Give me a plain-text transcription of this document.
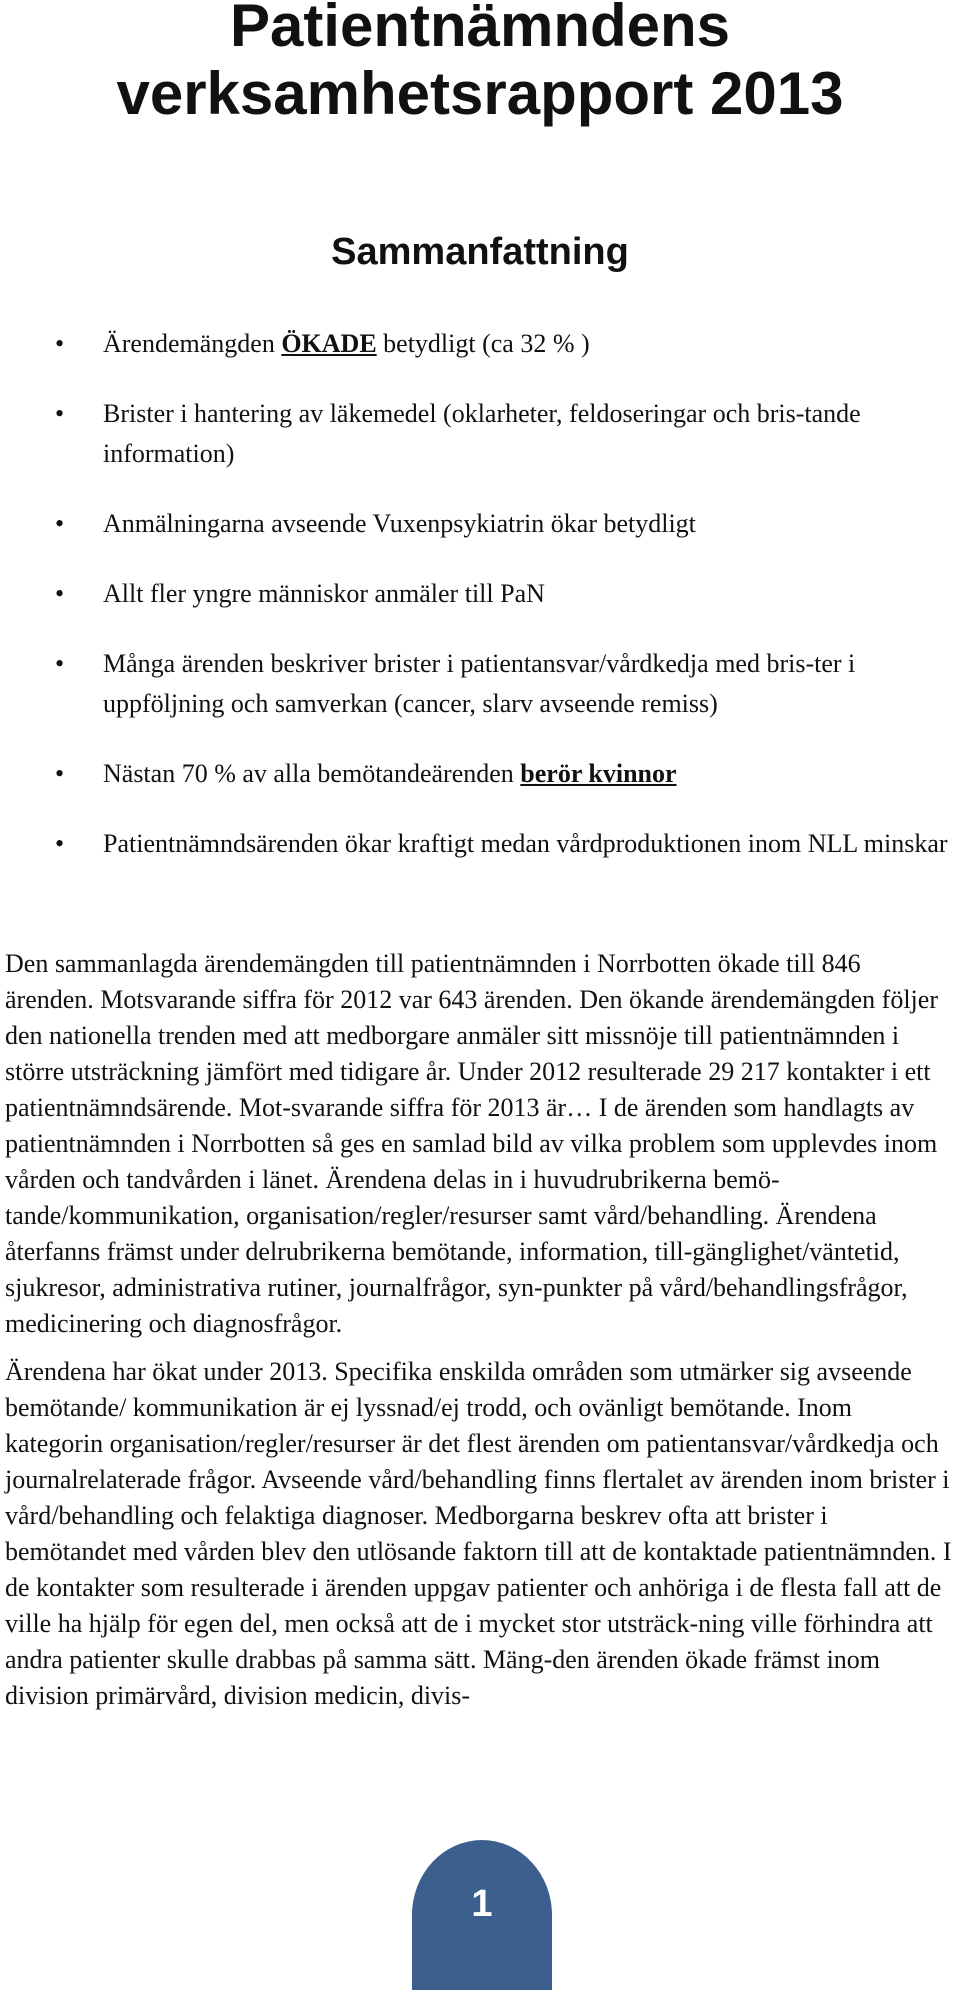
Patientnämndens
verksamhetsrapport 2013
Sammanfattning
• Ärendemängden ÖKADE betydligt (ca 32 % )
• Brister i hantering av läkemedel (oklarheter, feldoseringar och bris-tande information)
• Anmälningarna avseende Vuxenpsykiatrin ökar betydligt
• Allt fler yngre människor anmäler till PaN
• Många ärenden beskriver brister i patientansvar/vårdkedja med bris-ter i uppföljning och samverkan (cancer, slarv avseende remiss)
• Nästan 70 % av alla bemötandeärenden berör kvinnor
• Patientnämndsärenden ökar kraftigt medan vårdproduktionen inom NLL minskar

Den sammanlagda ärendemängden till patientnämnden i Norrbotten ökade till 846 ärenden. Motsvarande siffra för 2012 var 643 ärenden. Den ökande ärendemängden följer den nationella trenden med att medborgare anmäler sitt missnöje till patientnämnden i större utsträckning jämfört med tidigare år. Under 2012 resulterade 29 217 kontakter i ett patientnämndsärende. Mot-svarande siffra för 2013 är… I de ärenden som handlagts av patientnämnden i Norrbotten så ges en samlad bild av vilka problem som upplevdes inom vården och tandvården i länet. Ärendena delas in i huvudrubrikerna bemö-tande/kommunikation, organisation/regler/resurser samt vård/behandling. Ärendena återfanns främst under delrubrikerna bemötande, information, till-gänglighet/väntetid, sjukresor, administrativa rutiner, journalfrågor, syn-punkter på vård/behandlingsfrågor, medicinering och diagnosfrågor.

Ärendena har ökat under 2013. Specifika enskilda områden som utmärker sig avseende bemötande/ kommunikation är ej lyssnad/ej trodd, och ovänligt bemötande. Inom kategorin organisation/regler/resurser är det flest ärenden om patientansvar/vårdkedja och journalrelaterade frågor. Avseende vård/behandling finns flertalet av ärenden inom brister i vård/behandling och felaktiga diagnoser. Medborgarna beskrev ofta att brister i bemötandet med vården blev den utlösande faktorn till att de kontaktade patientnämnden. I de kontakter som resulterade i ärenden uppgav patienter och anhöriga i de flesta fall att de ville ha hjälp för egen del, men också att de i mycket stor utsträck-ning ville förhindra att andra patienter skulle drabbas på samma sätt. Mäng-den ärenden ökade främst inom division primärvård, division medicin, divis-

1
